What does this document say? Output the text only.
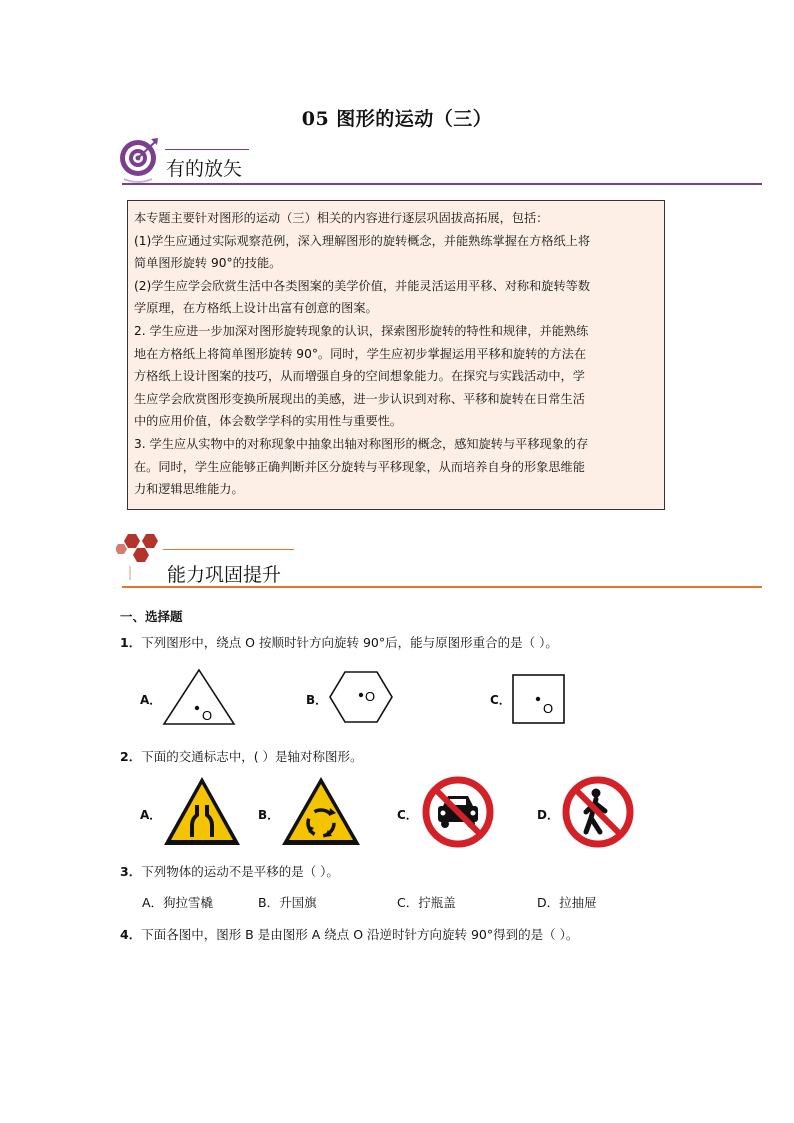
05 图形的运动（三）
有的放矢

本专题主要针对图形的运动（三）相关的内容进行逐层巩固拔高拓展，包括：

(1)学生应通过实际观察范例，深入理解图形的旋转概念，并能熟练掌握在方格纸上将

简单图形旋转 90°的技能。

(2)学生应学会欣赏生活中各类图案的美学价值，并能灵活运用平移、对称和旋转等数

学原理，在方格纸上设计出富有创意的图案。

2. 学生应进一步加深对图形旋转现象的认识，探索图形旋转的特性和规律，并能熟练

地在方格纸上将简单图形旋转 90°。同时，学生应初步掌握运用平移和旋转的方法在

方格纸上设计图案的技巧，从而增强自身的空间想象能力。在探究与实践活动中，学

生应学会欣赏图形变换所展现出的美感，进一步认识到对称、平移和旋转在日常生活

中的应用价值，体会数学学科的实用性与重要性。

3. 学生应从实物中的对称现象中抽象出轴对称图形的概念，感知旋转与平移现象的存

在。同时，学生应能够正确判断并区分旋转与平移现象，从而培养自身的形象思维能

力和逻辑思维能力。

能力巩固提升
一、选择题
1．下列图形中，绕点 O 按顺时针方向旋转 90°后，能与原图形重合的是（ ）。
A．
O
B．	O	C．
O
2．下面的交通标志中，( ）是轴对称图形。
A．	B．	C．	D．
3．下列物体的运动不是平移的是（ ）。
A．狗拉雪橇	B．升国旗	C．拧瓶盖	D．拉抽屉
4．下面各图中，图形 B 是由图形 A 绕点 O 沿逆时针方向旋转 90°得到的是（ ）。
